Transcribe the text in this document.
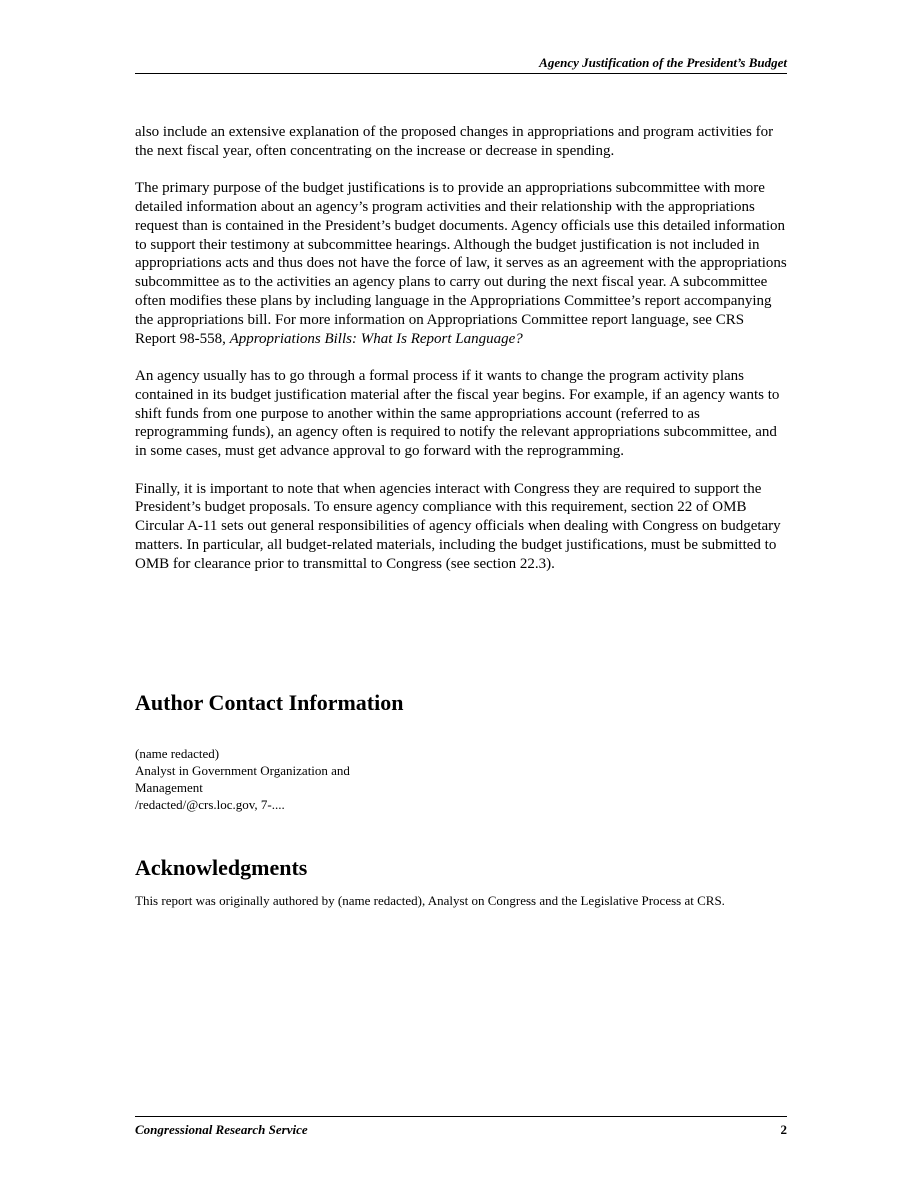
Agency Justification of the President’s Budget

also include an extensive explanation of the proposed changes in appropriations and program activities for the next fiscal year, often concentrating on the increase or decrease in spending.

The primary purpose of the budget justifications is to provide an appropriations subcommittee with more detailed information about an agency’s program activities and their relationship with the appropriations request than is contained in the President’s budget documents. Agency officials use this detailed information to support their testimony at subcommittee hearings. Although the budget justification is not included in appropriations acts and thus does not have the force of law, it serves as an agreement with the appropriations subcommittee as to the activities an agency plans to carry out during the next fiscal year. A subcommittee often modifies these plans by including language in the Appropriations Committee’s report accompanying the appropriations bill. For more information on Appropriations Committee report language, see CRS Report 98-558, Appropriations Bills: What Is Report Language?

An agency usually has to go through a formal process if it wants to change the program activity plans contained in its budget justification material after the fiscal year begins. For example, if an agency wants to shift funds from one purpose to another within the same appropriations account (referred to as reprogramming funds), an agency often is required to notify the relevant appropriations subcommittee, and in some cases, must get advance approval to go forward with the reprogramming.

Finally, it is important to note that when agencies interact with Congress they are required to support the President’s budget proposals. To ensure agency compliance with this requirement, section 22 of OMB Circular A-11 sets out general responsibilities of agency officials when dealing with Congress on budgetary matters. In particular, all budget-related materials, including the budget justifications, must be submitted to OMB for clearance prior to transmittal to Congress (see section 22.3).

Author Contact Information
(name redacted)
Analyst in Government Organization and
Management
/redacted/@crs.loc.gov, 7-....
Acknowledgments
This report was originally authored by (name redacted), Analyst on Congress and the Legislative Process at CRS.
Congressional Research Service	2
